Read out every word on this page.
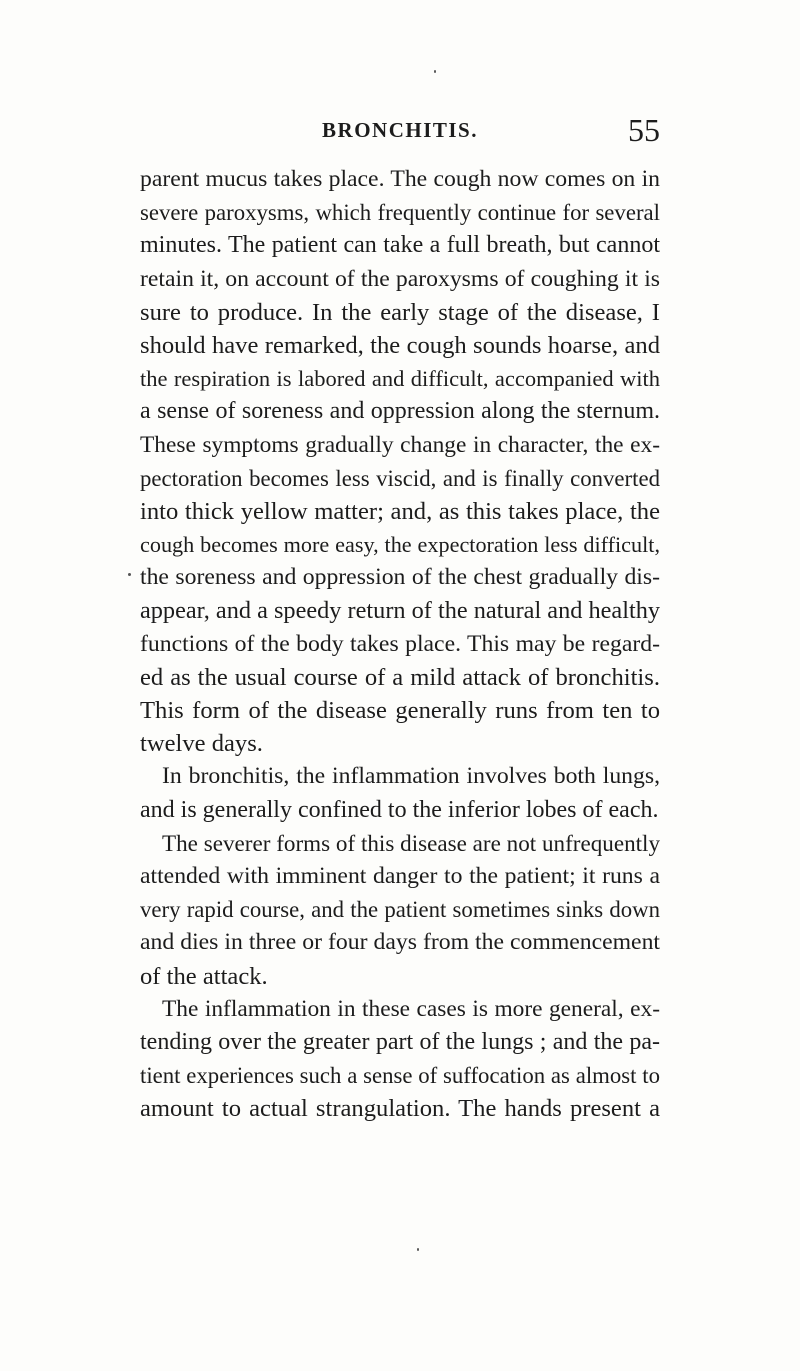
BRONCHITIS.	55
parent mucus takes place. The cough now comes on in
severe paroxysms, which frequently continue for several
minutes. The patient can take a full breath, but cannot
retain it, on account of the paroxysms of coughing it is
sure to produce. In the early stage of the disease, I
should have remarked, the cough sounds hoarse, and
the respiration is labored and difficult, accompanied with
a sense of soreness and oppression along the sternum.
These symptoms gradually change in character, the ex-
pectoration becomes less viscid, and is finally converted
into thick yellow matter; and, as this takes place, the
cough becomes more easy, the expectoration less difficult,
the soreness and oppression of the chest gradually dis-
appear, and a speedy return of the natural and healthy
functions of the body takes place. This may be regard-
ed as the usual course of a mild attack of bronchitis.
This form of the disease generally runs from ten to
twelve days.
In bronchitis, the inflammation involves both lungs,
and is generally confined to the inferior lobes of each.
The severer forms of this disease are not unfrequently
attended with imminent danger to the patient; it runs a
very rapid course, and the patient sometimes sinks down
and dies in three or four days from the commencement
of the attack.
The inflammation in these cases is more general, ex-
tending over the greater part of the lungs ; and the pa-
tient experiences such a sense of suffocation as almost to
amount to actual strangulation. The hands present a
